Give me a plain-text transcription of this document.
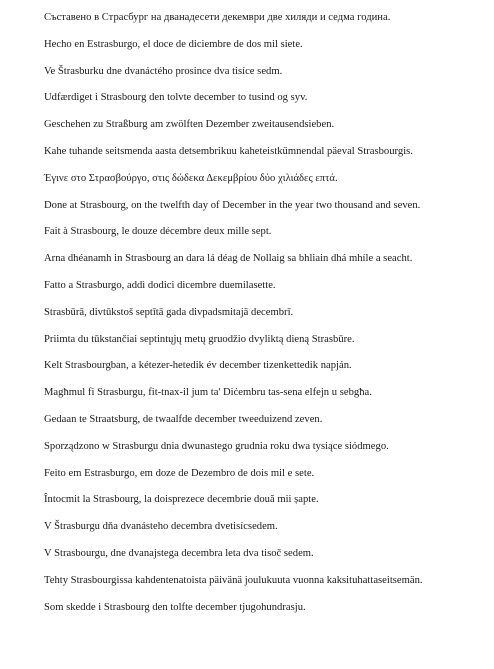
Съставено в Страсбург на дванадесети декември две хиляди и седма година.
Hecho en Estrasburgo, el doce de diciembre de dos mil siete.
Ve Štrasburku dne dvanáctého prosince dva tisíce sedm.
Udfærdiget i Strasbourg den tolvte december to tusind og syv.
Geschehen zu Straßburg am zwölften Dezember zweitausendsieben.
Kahe tuhande seitsmenda aasta detsembrikuu kaheteistkümnendal päeval Strasbourgis.
Έγινε στο Στρασβούργο, στις δώδεκα Δεκεμβρίου δύο χιλιάδες επτά.
Done at Strasbourg, on the twelfth day of December in the year two thousand and seven.
Fait à Strasbourg, le douze décembre deux mille sept.
Arna dhéanamh in Strasbourg an dara lá déag de Nollaig sa bhliain dhá mhíle a seacht.
Fatto a Strasburgo, addì dodici dicembre duemilasette.
Strasbūrā, divtūkstoš septītā gada divpadsmitajā decembrī.
Priimta du tūkstančiai septintųjų metų gruodžio dvyliktą dieną Strasbūre.
Kelt Strasbourgban, a kétezer-hetedik év december tizenkettedik napján.
Magħmul fi Strasburgu, fit-tnax-il jum ta' Diċembru tas-sena elfejn u sebgħa.
Gedaan te Straatsburg, de twaalfde december tweeduizend zeven.
Sporządzono w Strasburgu dnia dwunastego grudnia roku dwa tysiące siódmego.
Feito em Estrasburgo, em doze de Dezembro de dois mil e sete.
Întocmit la Strasbourg, la doisprezece decembrie două mii șapte.
V Štrasburgu dňa dvanásteho decembra dvetisícsedem.
V Strasbourgu, dne dvanajstega decembra leta dva tisoč sedem.
Tehty Strasbourgissa kahdentenatoista päivänä joulukuuta vuonna kaksituhattaseitsemän.
Som skedde i Strasbourg den tolfte december tjugohundrasju.
